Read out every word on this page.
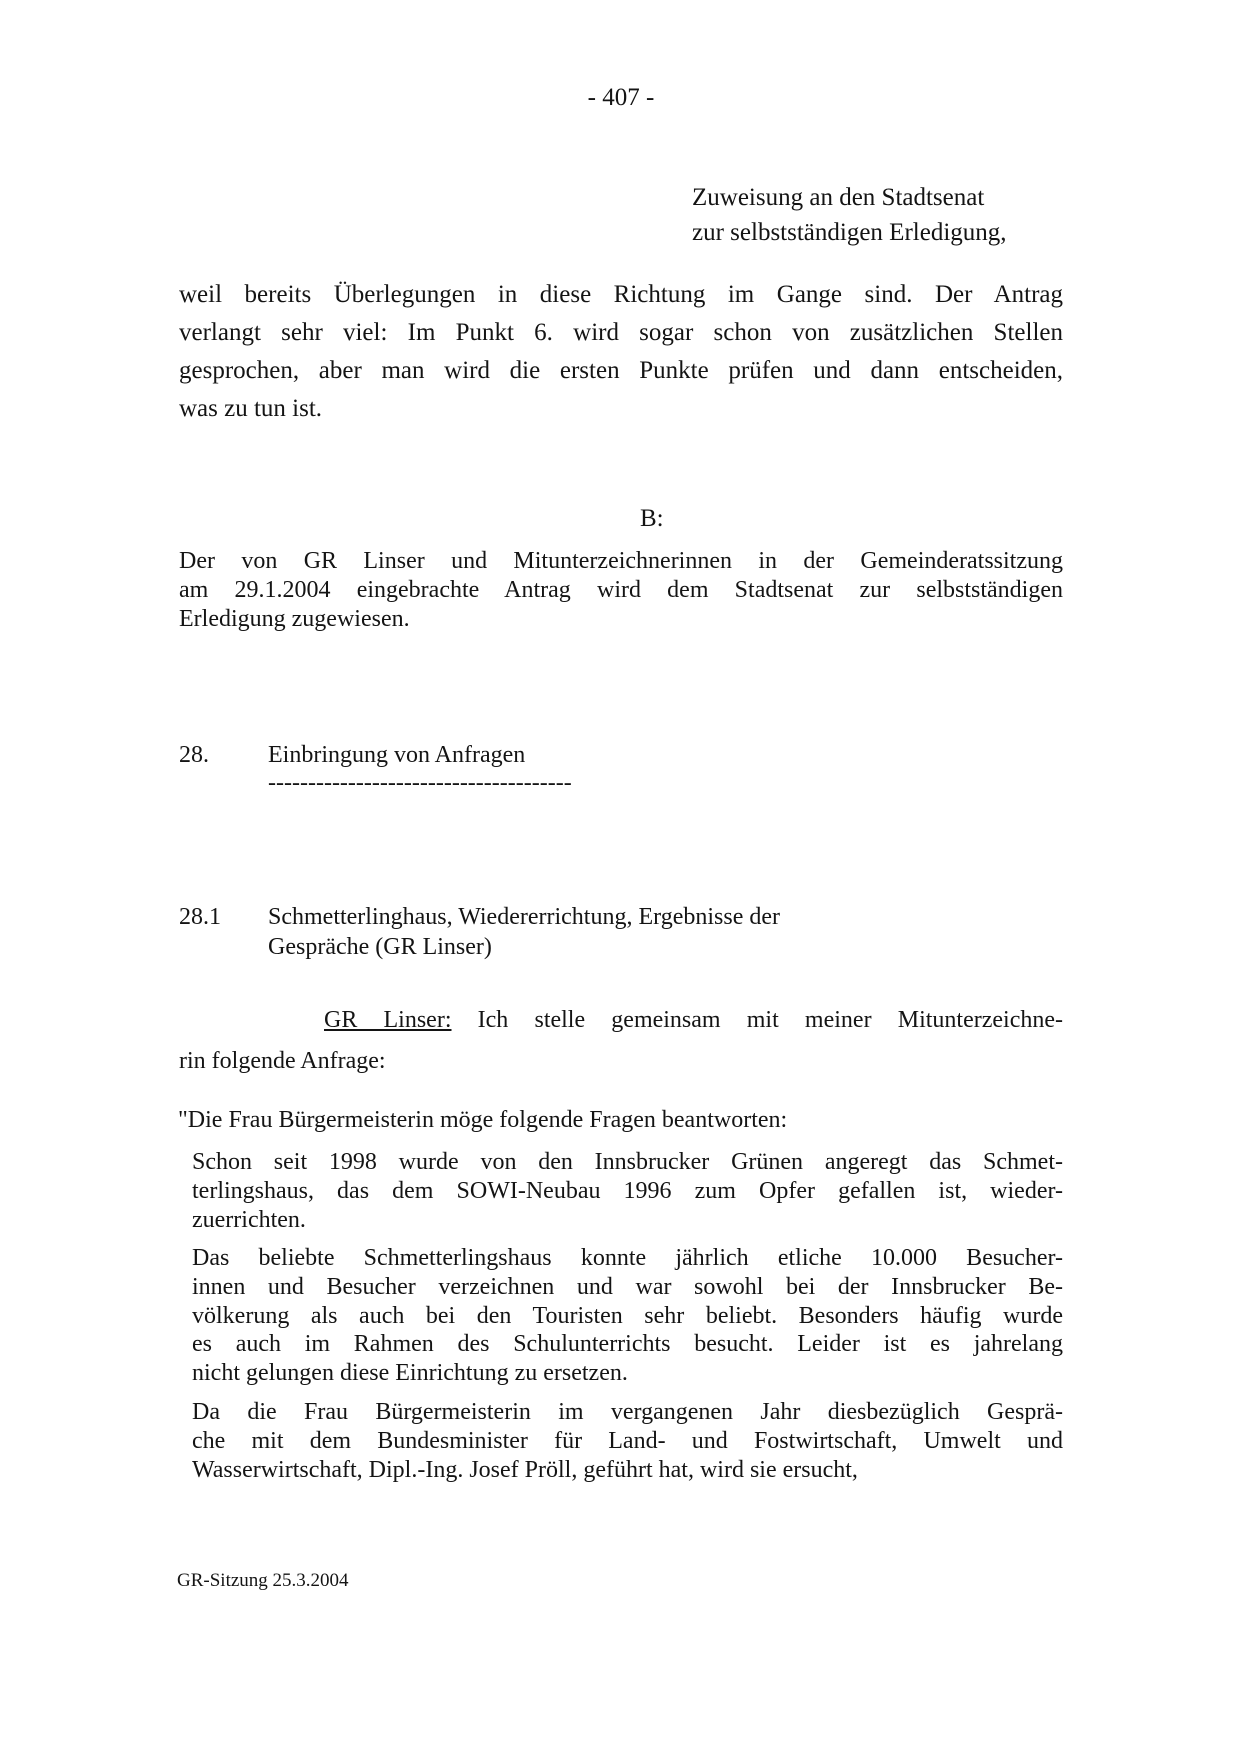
- 407 -
Zuweisung an den Stadtsenat
zur selbstständigen Erledigung,
weil bereits Überlegungen in diese Richtung im Gange sind. Der Antrag
verlangt sehr viel: Im Punkt 6. wird sogar schon von zusätzlichen Stellen
gesprochen, aber man wird die ersten Punkte prüfen und dann entscheiden,
was zu tun ist.
B:
Der von GR Linser und Mitunterzeichnerinnen in der Gemeinderatssitzung
am 29.1.2004 eingebrachte Antrag wird dem Stadtsenat zur selbstständigen
Erledigung zugewiesen.
28.	Einbringung von Anfragen
--------------------------------------
28.1	Schmetterlinghaus, Wiedererrichtung, Ergebnisse der
Gespräche (GR Linser)
GR Linser: Ich stelle gemeinsam mit meiner Mitunterzeichne-
rin folgende Anfrage:
"Die Frau Bürgermeisterin möge folgende Fragen beantworten:
Schon seit 1998 wurde von den Innsbrucker Grünen angeregt das Schmet-
terlingshaus, das dem SOWI-Neubau 1996 zum Opfer gefallen ist, wieder-
zuerrichten.
Das beliebte Schmetterlingshaus konnte jährlich etliche 10.000 Besucher-
innen und Besucher verzeichnen und war sowohl bei der Innsbrucker Be-
völkerung als auch bei den Touristen sehr beliebt. Besonders häufig wurde
es auch im Rahmen des Schulunterrichts besucht. Leider ist es jahrelang
nicht gelungen diese Einrichtung zu ersetzen.
Da die Frau Bürgermeisterin im vergangenen Jahr diesbezüglich Gesprä-
che mit dem Bundesminister für Land- und Fostwirtschaft, Umwelt und
Wasserwirtschaft, Dipl.-Ing. Josef Pröll, geführt hat, wird sie ersucht,
GR-Sitzung 25.3.2004
